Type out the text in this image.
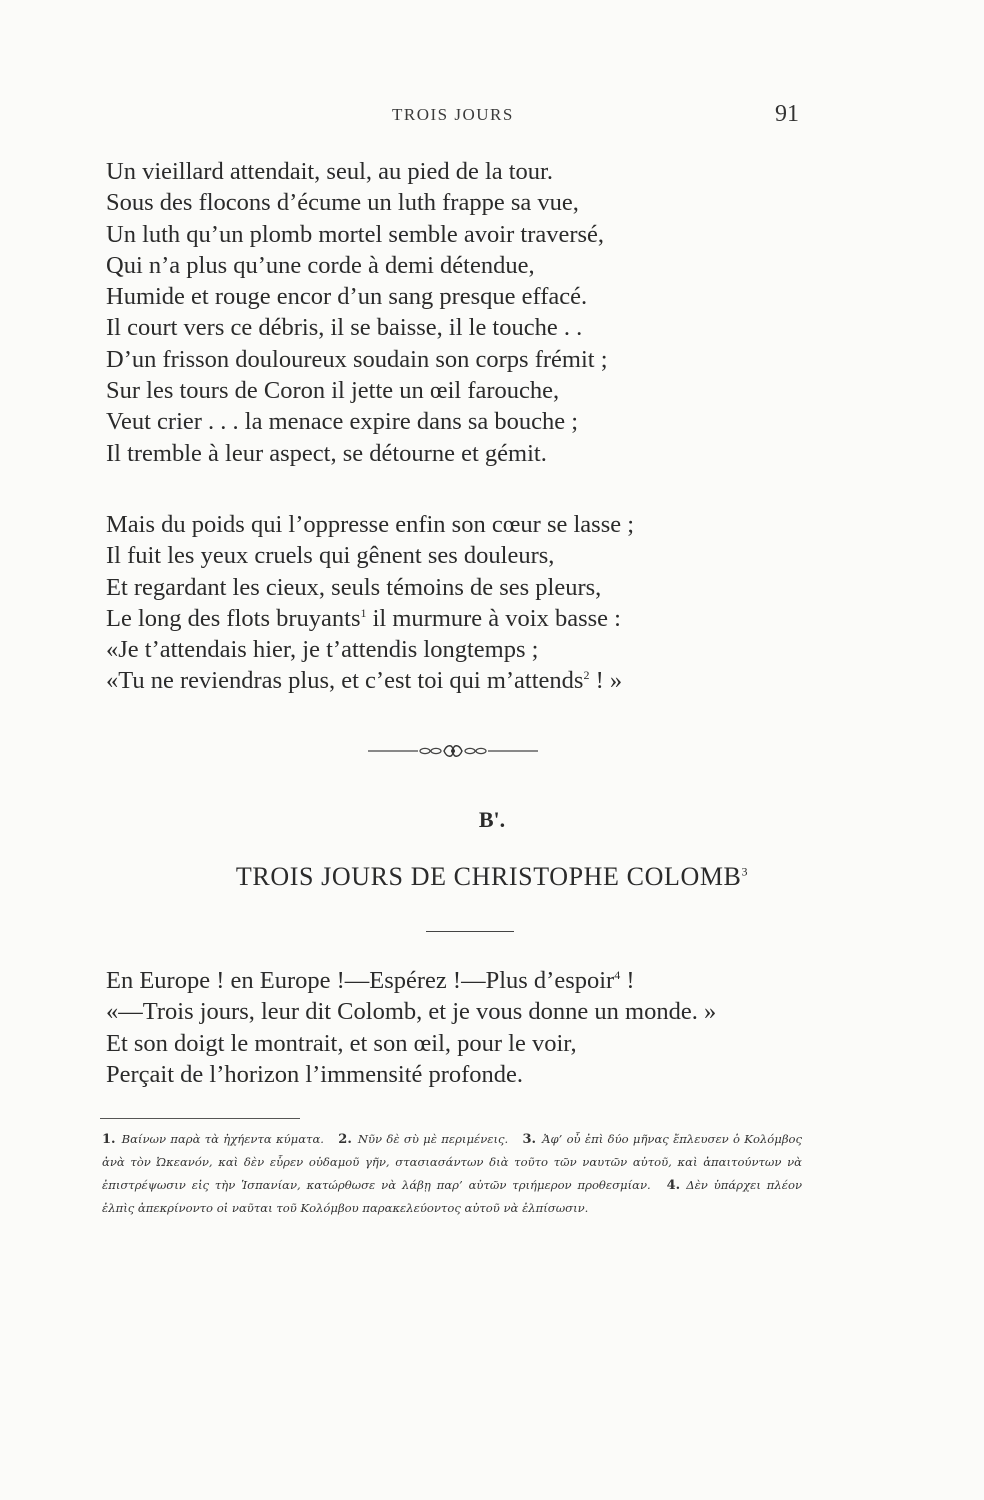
TROIS JOURS	91
Un vieillard attendait, seul, au pied de la tour.
Sous des flocons d’écume un luth frappe sa vue,
Un luth qu’un plomb mortel semble avoir traversé,
Qui n’a plus qu’une corde à demi détendue,
Humide et rouge encor d’un sang presque effacé.
Il court vers ce débris, il se baisse, il le touche . .
D’un frisson douloureux soudain son corps frémit ;
Sur les tours de Coron il jette un œil farouche,
Veut crier . . . la menace expire dans sa bouche ;
Il tremble à leur aspect, se détourne et gémit.
Mais du poids qui l’oppresse enfin son cœur se lasse ;
Il fuit les yeux cruels qui gênent ses douleurs,
Et regardant les cieux, seuls témoins de ses pleurs,
Le long des flots bruyants$^1$ il murmure à voix basse :
«Je t’attendais hier, je t’attendis longtemps ;
«Tu ne reviendras plus, et c’est toi qui m’attends$^2$ ! »
B'.
TROIS JOURS DE CHRISTOPHE COLOMB$^3$
En Europe ! en Europe !—Espérez !—Plus d’espoir$^4$ !
«—Trois jours, leur dit Colomb, et je vous donne un monde. »
Et son doigt le montrait, et son œil, pour le voir,
Perçait de l’horizon l’immensité profonde.
1. Βαίνων παρὰ τὰ ἠχήεντα κύματα. 2. Νῦν δὲ σὺ μὲ περιμένεις. 3. Ἀφ’ οὗ ἐπὶ δύο μῆνας ἔπλευσεν ὁ Κολόμβος ἀνὰ τὸν Ὠκεανόν, καὶ δὲν εὗρεν οὐδαμοῦ γῆν, στασιασάντων διὰ τοῦτο τῶν ναυτῶν αὐτοῦ, καὶ ἀπαιτούντων νὰ ἐπιστρέψωσιν εἰς τὴν Ἱσπανίαν, κατώρθωσε νὰ λάβῃ παρ’ αὐτῶν τριήμερον προθεσμίαν. 4. Δὲν ὑπάρχει πλέον ἐλπὶς ἀπεκρίνοντο οἱ ναῦται τοῦ Κολόμβου παρακελεύοντος αὐτοῦ νὰ ἐλπίσωσιν.
